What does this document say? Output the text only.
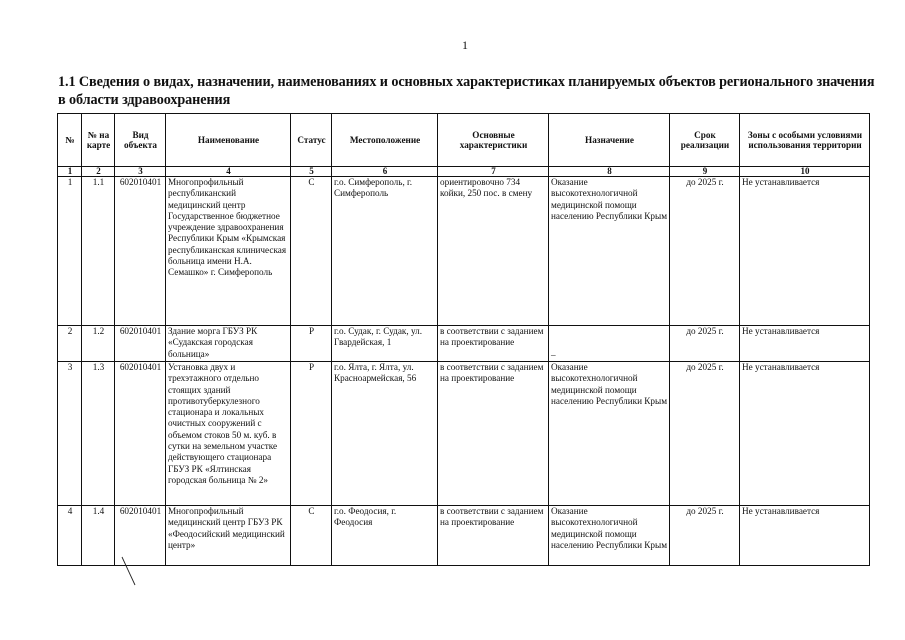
1
1.1 Сведения о видах, назначении, наименованиях и основных характеристиках планируемых объектов регионального значения в области здравоохранения
№	№ на карте	Вид объекта	Наименование	Статус	Местоположение	Основные характеристики	Назначение	Срок реализации	Зоны с особыми условиями использования территории
1	2	3	4	5	6	7	8	9	10
1	1.1	602010401	Многопрофильный республиканский медицинский центр Государственное бюджетное учреждение здравоохранения Республики Крым «Крымская республиканская клиническая больница имени Н.А. Семашко» г. Симферополь	С	г.о. Симферополь, г. Симферополь	ориентировочно 734 койки, 250 пос. в смену	Оказание высокотехнологичной медицинской помощи населению Республики Крым	до 2025 г.	Не устанавливается
2	1.2	602010401	Здание морга ГБУЗ РК «Судакская городская больница»	Р	г.о. Судак, г. Судак, ул. Гвардейская, 1	в соответствии с заданием на проектирование	–	до 2025 г.	Не устанавливается
3	1.3	602010401	Установка двух и трехэтажного отдельно стоящих зданий противотуберкулезного стационара и локальных очистных сооружений с объемом стоков 50 м. куб. в сутки на земельном участке действующего стационара ГБУЗ РК «Ялтинская городская больница № 2»	Р	г.о. Ялта, г. Ялта, ул. Красноармейская, 56	в соответствии с заданием на проектирование	Оказание высокотехнологичной медицинской помощи населению Республики Крым	до 2025 г.	Не устанавливается
4	1.4	602010401	Многопрофильный медицинский центр ГБУЗ РК «Феодосийский медицинский центр»	С	г.о. Феодосия, г. Феодосия	в соответствии с заданием на проектирование	Оказание высокотехнологичной медицинской помощи населению Республики Крым	до 2025 г.	Не устанавливается
